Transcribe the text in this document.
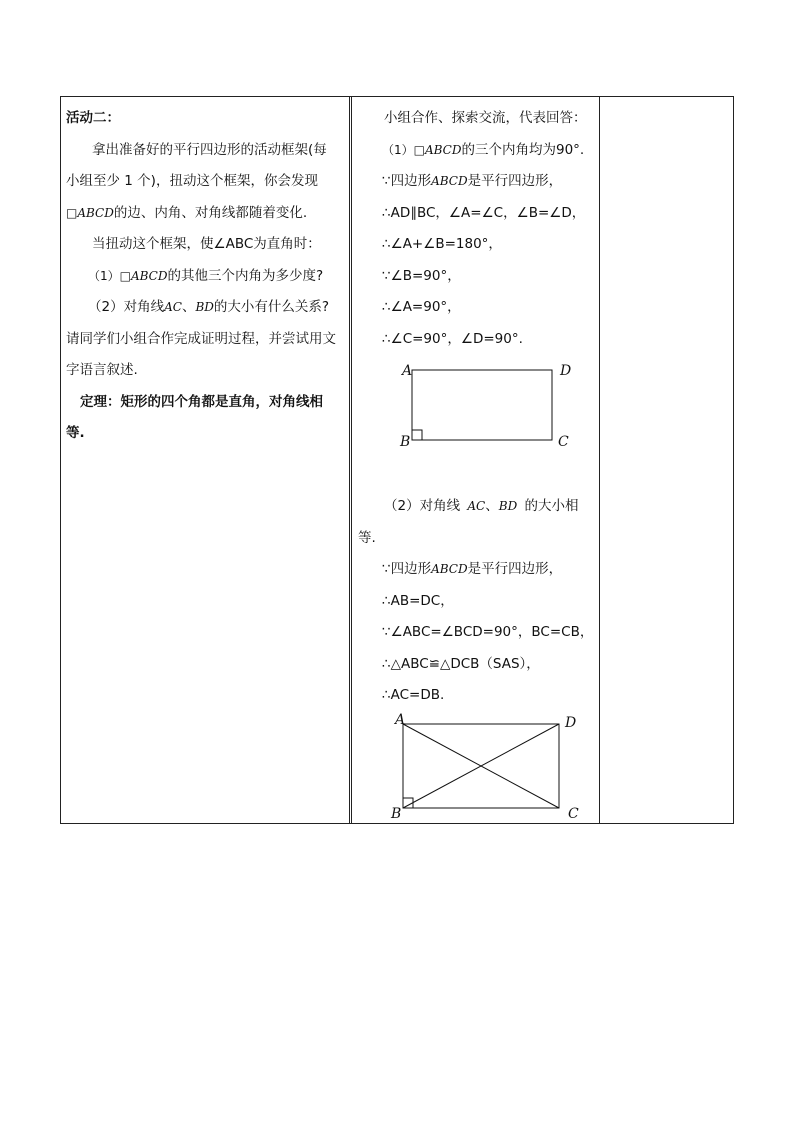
活动二：
拿出准备好的平行四边形的活动框架(每
小组至少 1 个)，扭动这个框架，你会发现
□ABCD的边、内角、对角线都随着变化.
当扭动这个框架，使∠ABC为直角时：
（1）□ABCD的其他三个内角为多少度?
（2）对角线AC、BD的大小有什么关系?
请同学们小组合作完成证明过程，并尝试用文
字语言叙述.
定理：矩形的四个角都是直角，对角线相
等.
小组合作、探索交流，代表回答：
（1）□ABCD的三个内角均为90°.
∵四边形ABCD是平行四边形，
∴AD∥BC，∠A=∠C，∠B=∠D，
∴∠A+∠B=180°，
∵∠B=90°，
∴∠A=90°，
∴∠C=90°，∠D=90°.
A
B	C
D
（2）对角线 AC、BD 的大小相
等.
∵四边形ABCD是平行四边形，
∴AB=DC，
∵∠ABC=∠BCD=90°，BC=CB，
∴△ABC≌△DCB（SAS），
∴AC=DB.
A
B	C
D
